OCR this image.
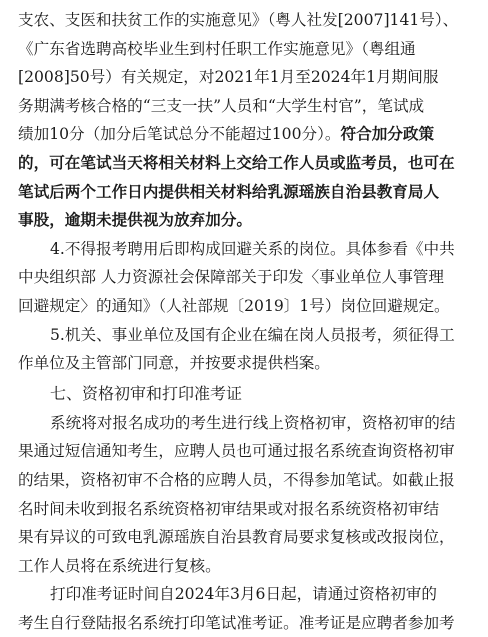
支农、支医和扶贫工作的实施意见》（粤人社发[2007]141号）、
《广东省选聘高校毕业生到村任职工作实施意见》（粤组通
[2008]50号）有关规定，对2021年1月至2024年1月期间服
务期满考核合格的“三支一扶”人员和“大学生村官”，笔试成
绩加10分（加分后笔试总分不能超过100分）。符合加分政策
的，可在笔试当天将相关材料上交给工作人员或监考员，也可在
笔试后两个工作日内提供相关材料给乳源瑶族自治县教育局人
事股，逾期未提供视为放弃加分。
4.不得报考聘用后即构成回避关系的岗位。具体参看《中共
中央组织部 人力资源社会保障部关于印发〈事业单位人事管理
回避规定〉的通知》（人社部规〔2019〕1号）岗位回避规定。
5.机关、事业单位及国有企业在编在岗人员报考，须征得工
作单位及主管部门同意，并按要求提供档案。
七、资格初审和打印准考证
系统将对报名成功的考生进行线上资格初审，资格初审的结
果通过短信通知考生，应聘人员也可通过报名系统查询资格初审
的结果，资格初审不合格的应聘人员，不得参加笔试。如截止报
名时间未收到报名系统资格初审结果或对报名系统资格初审结
果有异议的可致电乳源瑶族自治县教育局要求复核或改报岗位，
工作人员将在系统进行复核。
打印准考证时间自2024年3月6日起，请通过资格初审的
考生自行登陆报名系统打印笔试准考证。准考证是应聘者参加考
